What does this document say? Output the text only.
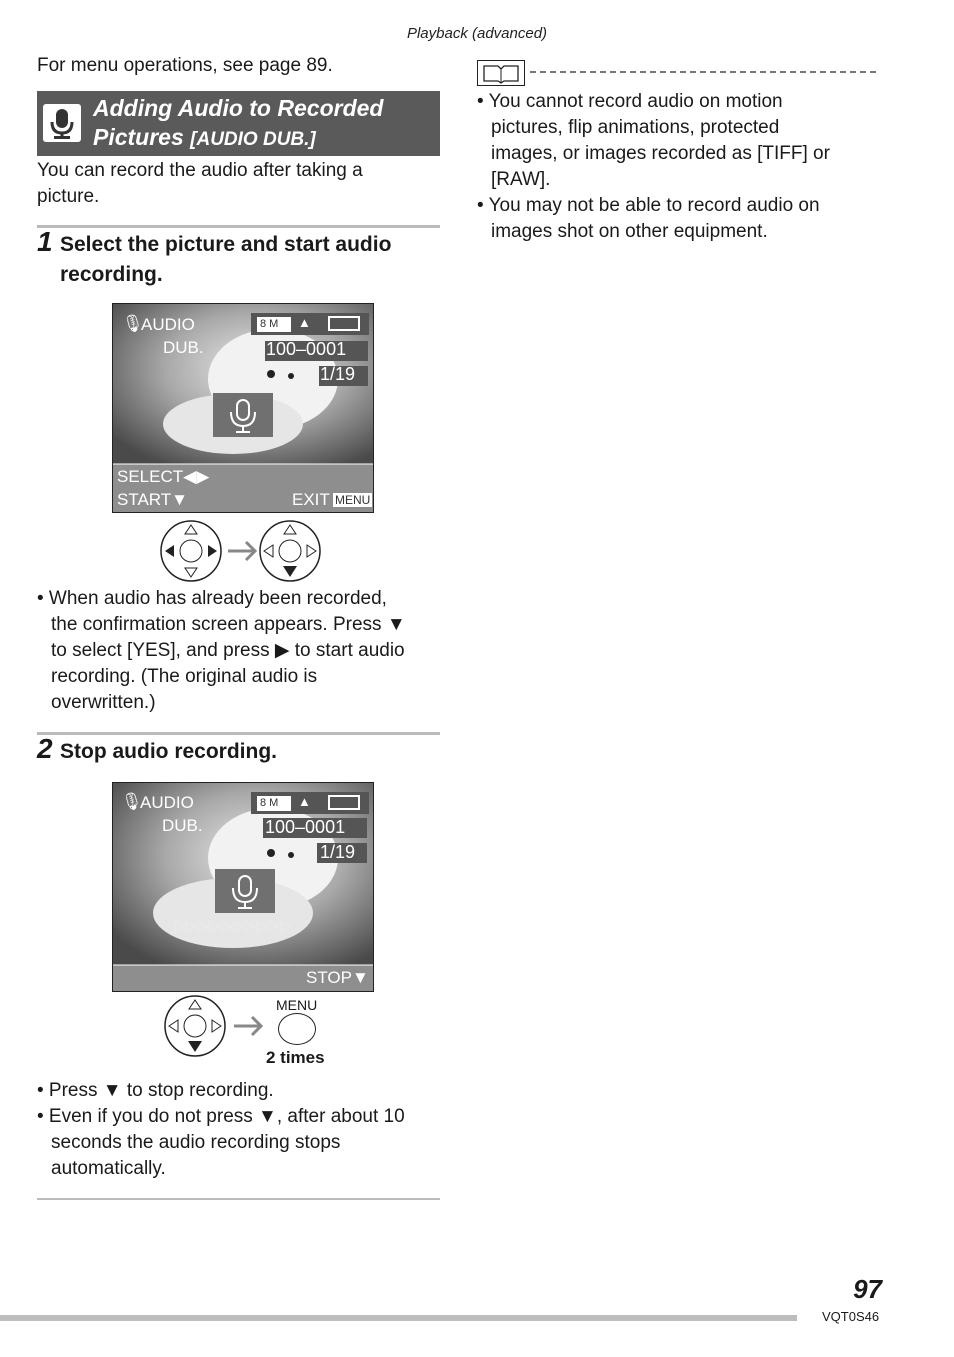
Playback (advanced)
For menu operations, see page 89.
Adding Audio to Recorded
Pictures [AUDIO DUB.]
You can record the audio after taking a
picture.
1 Select the picture and start audio
recording.
🎙
AUDIO
DUB.
8 M ▲
100–0001
1/19
SELECT◀▶
START▼	EXIT MENU
• When audio has already been recorded,
the confirmation screen appears. Press ▼
to select [YES], and press ▶ to start audio
recording. (The original audio is
overwritten.)
2 Stop audio recording.
🎙
AUDIO
DUB.
8 M ▲
100–0001
1/19
▷▷▷▷▷▷▷▷▷▷
STOP▼
MENU
2 times
• Press ▼ to stop recording.
• Even if you do not press ▼, after about 10
seconds the audio recording stops
automatically.
• You cannot record audio on motion
pictures, flip animations, protected
images, or images recorded as [TIFF] or
[RAW].
• You may not be able to record audio on
images shot on other equipment.
97
VQT0S46
